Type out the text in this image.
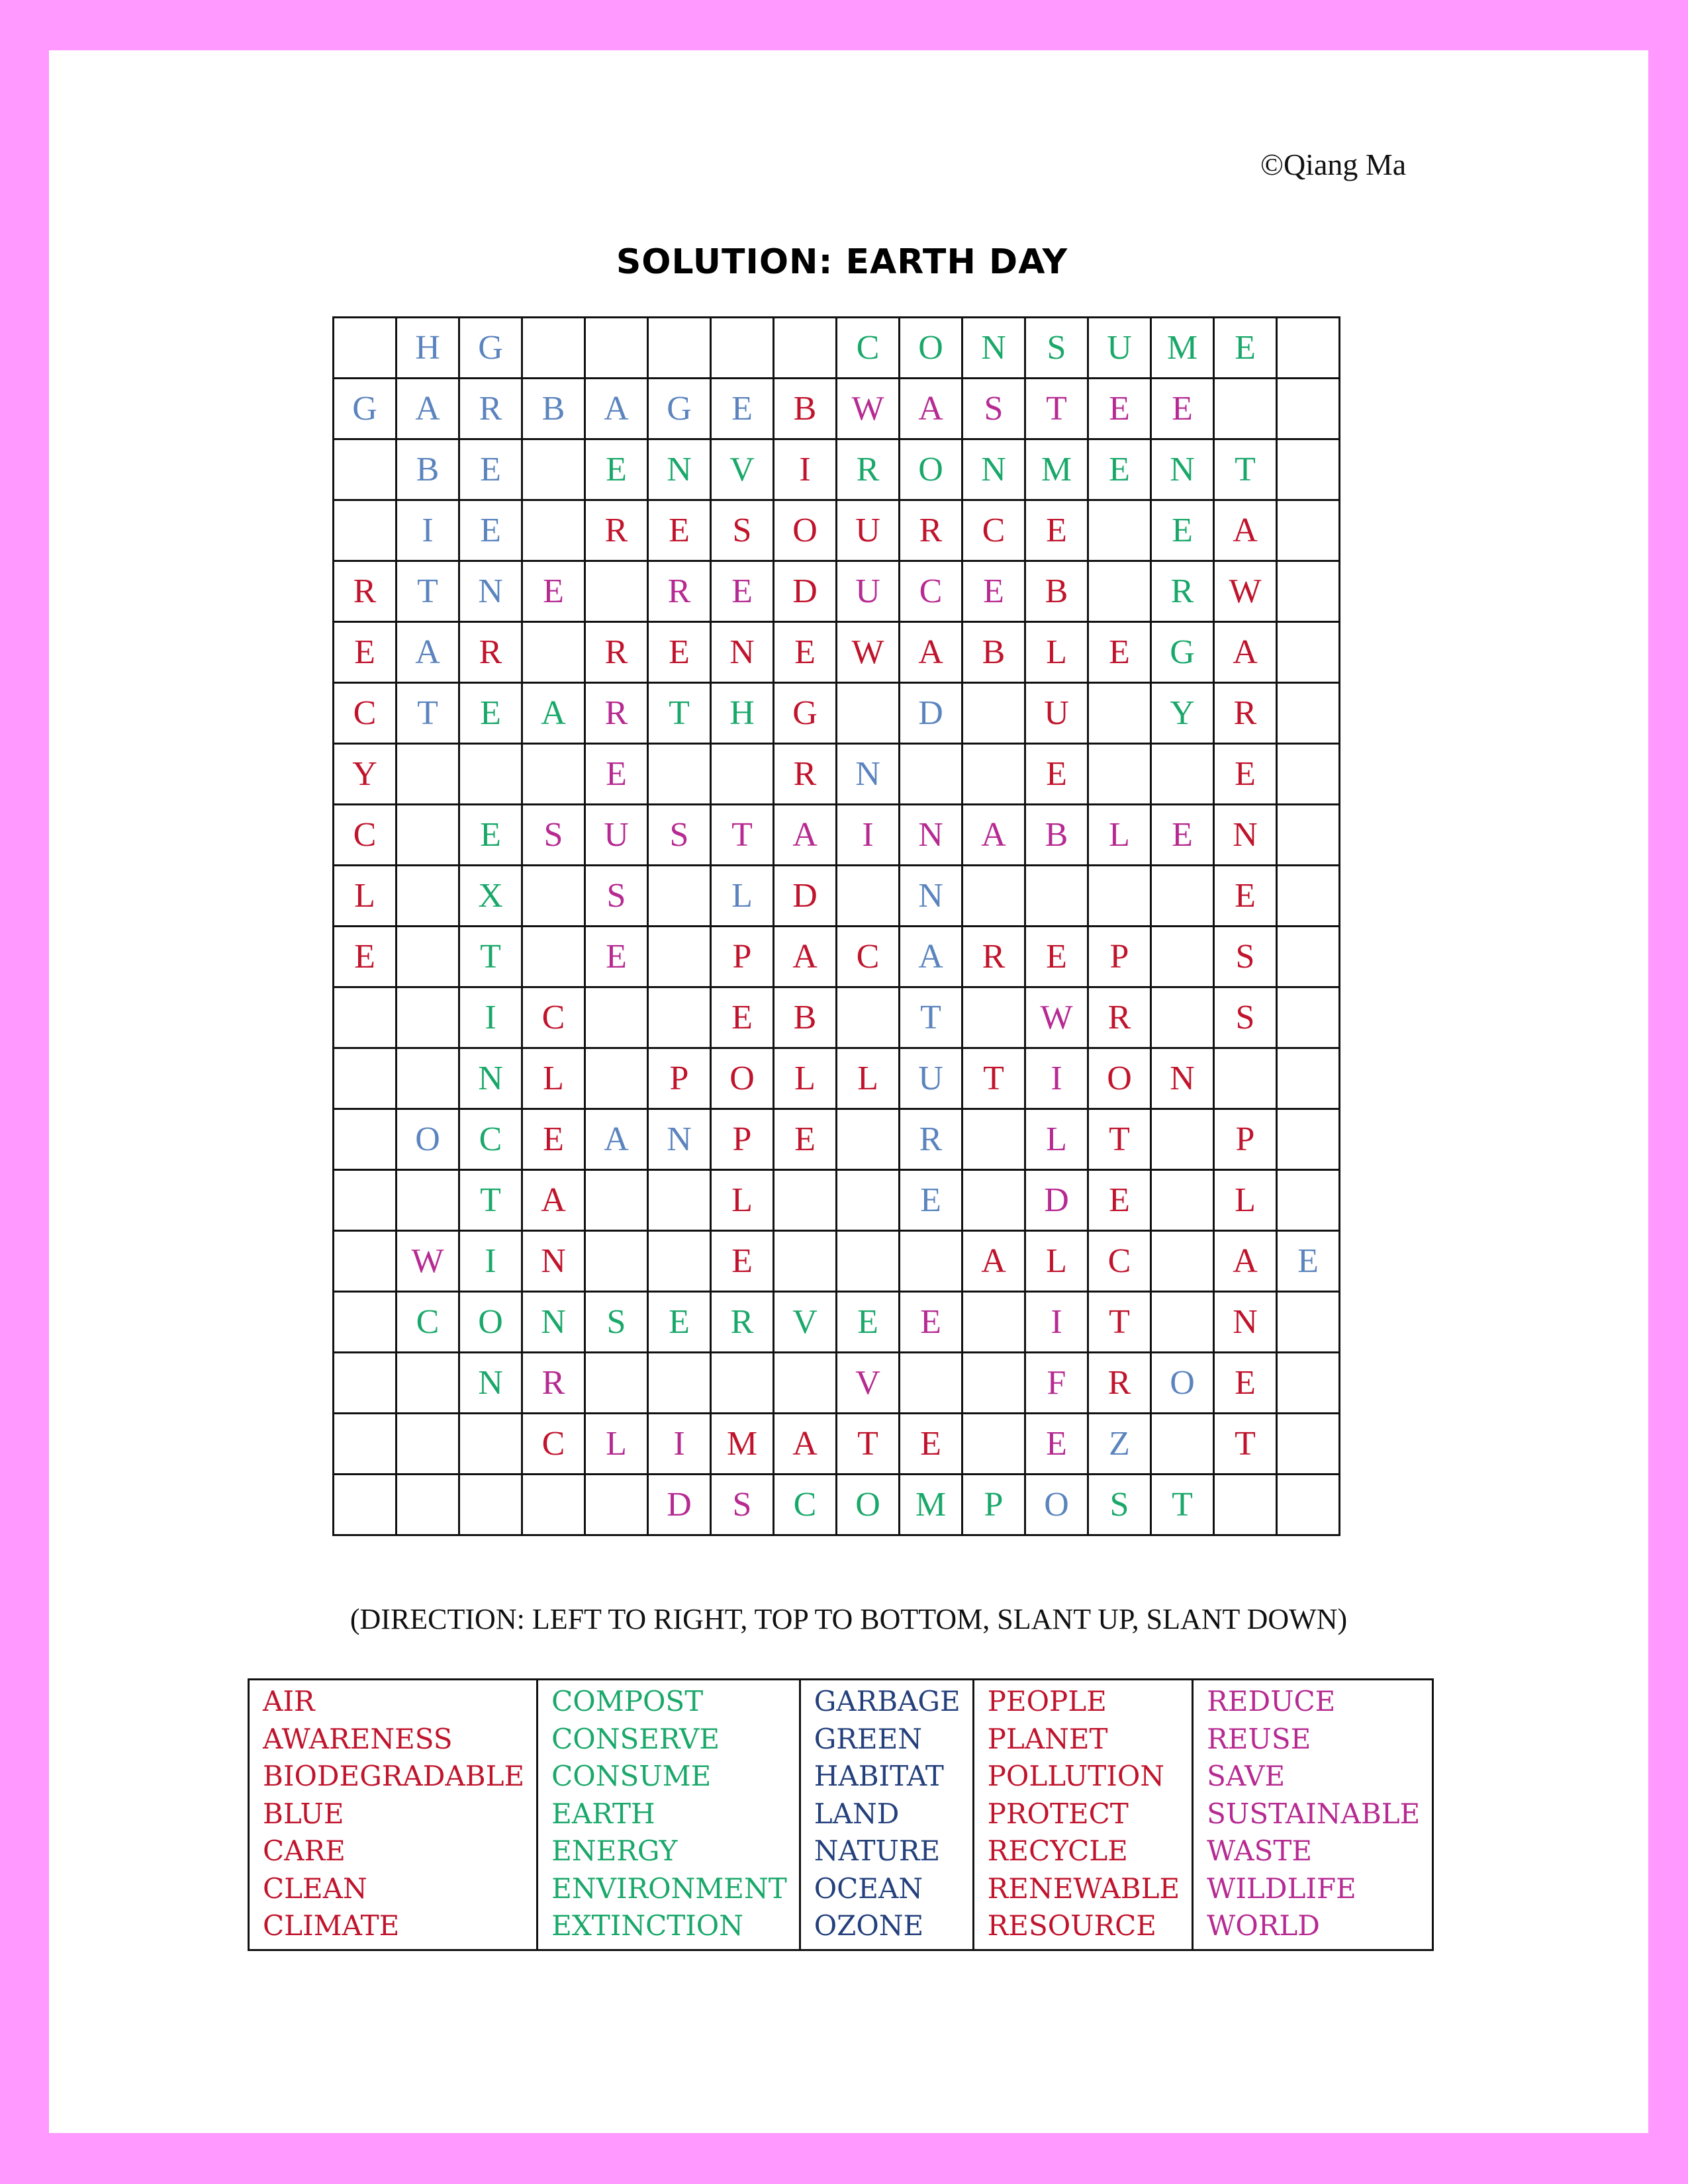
©Qiang Ma
SOLUTION: EARTH DAY
	H	G						C	O	N	S	U	M	E	
G	A	R	B	A	G	E	B	W	A	S	T	E	E		
	B	E		E	N	V	I	R	O	N	M	E	N	T	
	I	E		R	E	S	O	U	R	C	E		E	A	
R	T	N	E		R	E	D	U	C	E	B		R	W	
E	A	R		R	E	N	E	W	A	B	L	E	G	A	
C	T	E	A	R	T	H	G		D		U		Y	R	
Y				E			R	N			E			E	
C		E	S	U	S	T	A	I	N	A	B	L	E	N	
L		X		S		L	D		N					E	
E		T		E		P	A	C	A	R	E	P		S	
		I	C			E	B		T		W	R		S	
		N	L		P	O	L	L	U	T	I	O	N		
	O	C	E	A	N	P	E		R		L	T		P	
		T	A			L			E		D	E		L	
	W	I	N			E				A	L	C		A	E
	C	O	N	S	E	R	V	E	E		I	T		N	
		N	R					V			F	R	O	E	
			C	L	I	M	A	T	E		E	Z		T	
					D	S	C	O	M	P	O	S	T		
(DIRECTION: LEFT TO RIGHT, TOP TO BOTTOM, SLANT UP, SLANT DOWN)
AIR
AWARENESS
BIODEGRADABLE
BLUE
CARE
CLEAN
CLIMATE

COMPOST
CONSERVE
CONSUME
EARTH
ENERGY
ENVIRONMENT
EXTINCTION

GARBAGE
GREEN
HABITAT
LAND
NATURE
OCEAN
OZONE

PEOPLE
PLANET
POLLUTION
PROTECT
RECYCLE
RENEWABLE
RESOURCE

REDUCE
REUSE
SAVE
SUSTAINABLE
WASTE
WILDLIFE
WORLD
